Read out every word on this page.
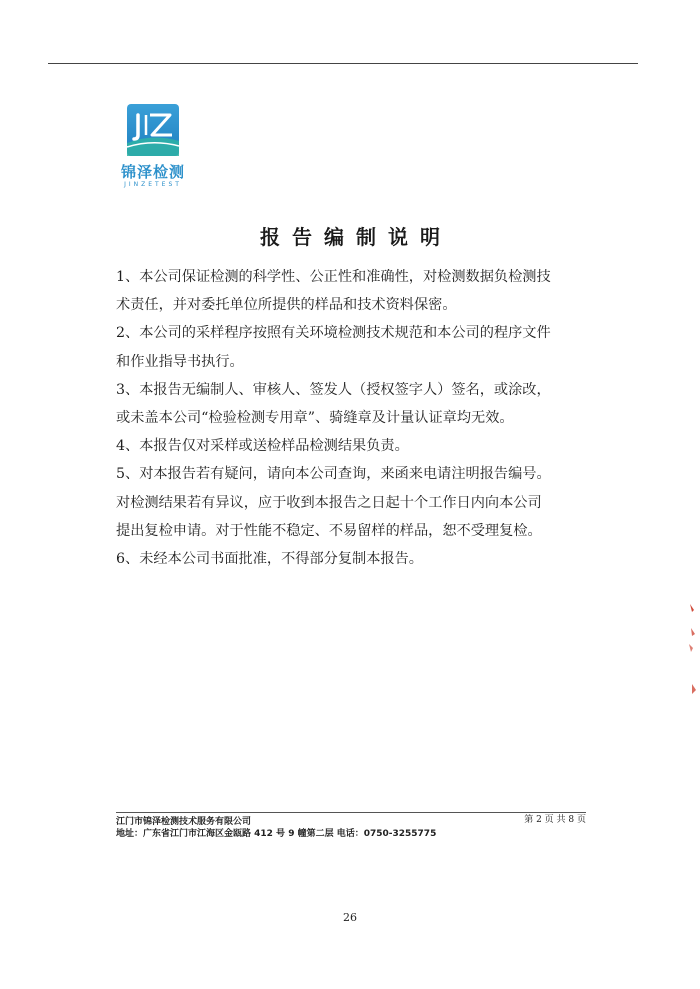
锦泽检测
JINZETEST
报告编制说明
1、本公司保证检测的科学性、公正性和准确性，对检测数据负检测技
术责任，并对委托单位所提供的样品和技术资料保密。
2、本公司的采样程序按照有关环境检测技术规范和本公司的程序文件
和作业指导书执行。
3、本报告无编制人、审核人、签发人（授权签字人）签名，或涂改，
或未盖本公司“检验检测专用章”、骑缝章及计量认证章均无效。
4、本报告仅对采样或送检样品检测结果负责。
5、对本报告若有疑问，请向本公司查询，来函来电请注明报告编号。
对检测结果若有异议，应于收到本报告之日起十个工作日内向本公司
提出复检申请。对于性能不稳定、不易留样的样品，恕不受理复检。
6、未经本公司书面批准，不得部分复制本报告。
江门市锦泽检测技术服务有限公司	第 2 页 共 8 页
地址：广东省江门市江海区金瓯路 412 号 9 幢第二层 电话：0750-3255775
26
